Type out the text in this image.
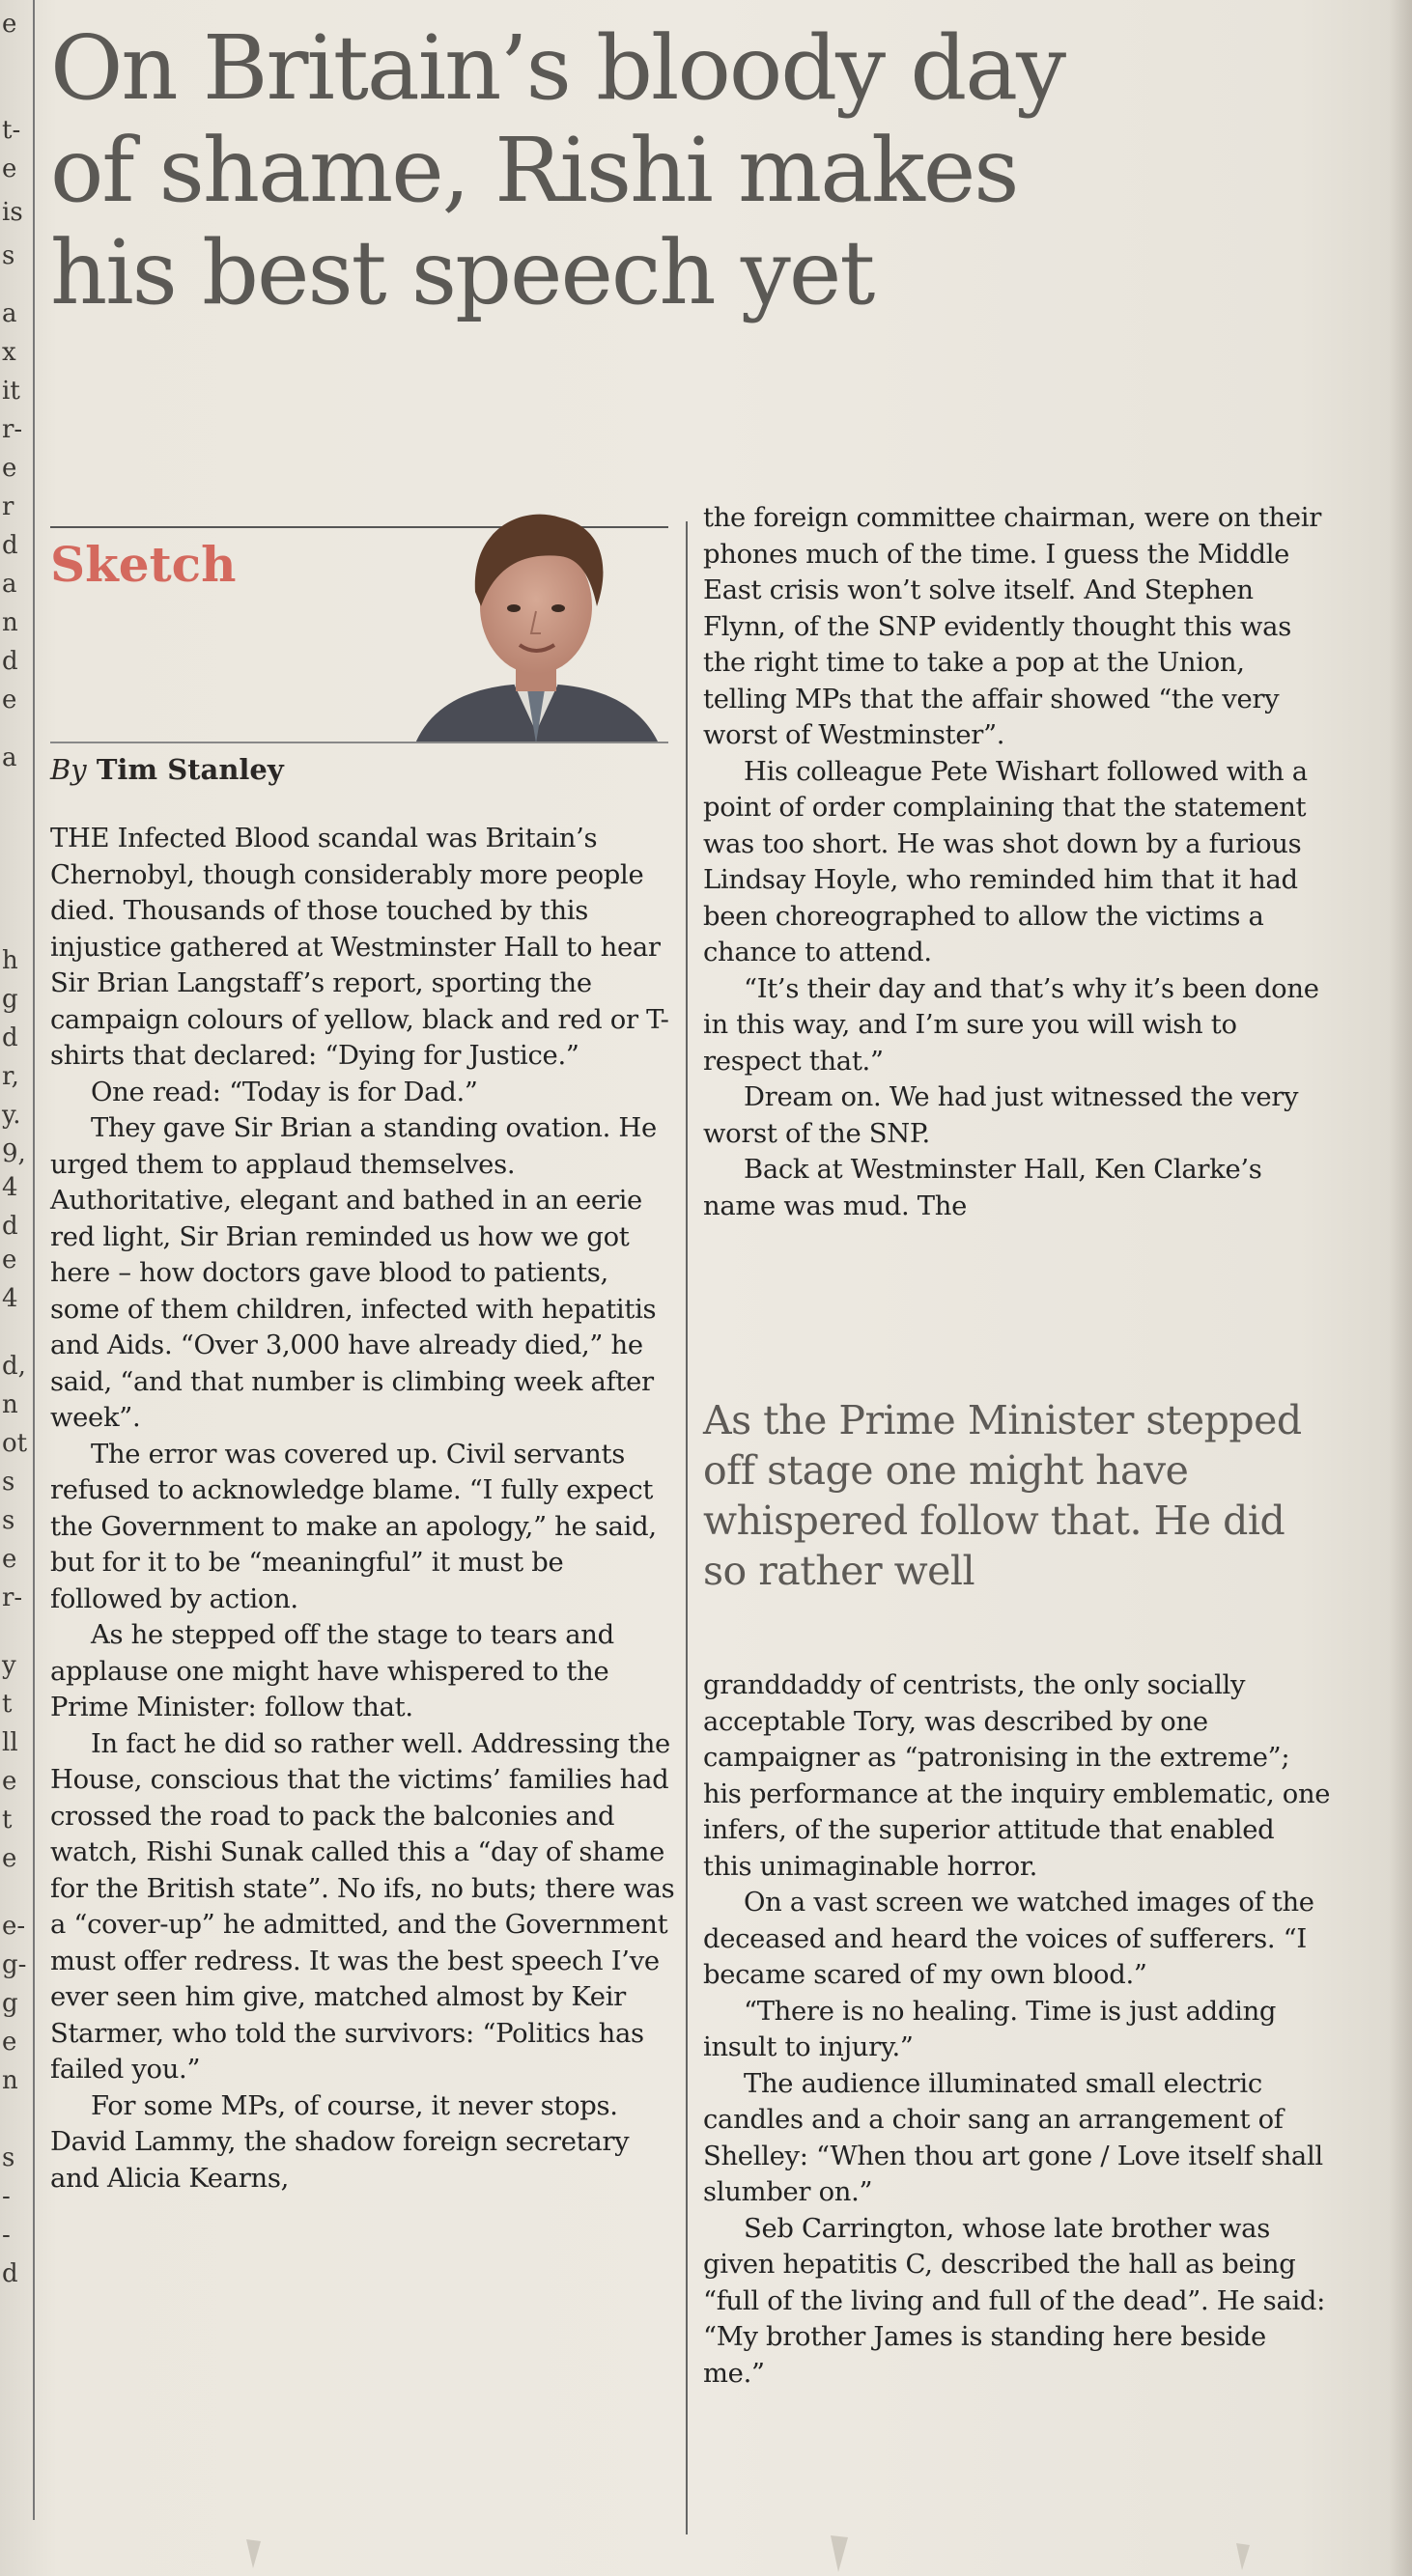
e
t-
e
is
s
a
x
it
r-
e
r
d
a
n
d
e
a
h
g
d
r,
y.
9,
4
d
e
4
d,
n
ot
s
s
e
r-
y
t
ll
e
t
e
e-
g-
g
e
n
s
-
-
d
On Britain’s bloody day
of shame, Rishi makes
his best speech yet
Sketch
By Tim Stanley

THE Infected Blood scandal was Britain’s Chernobyl, though considerably more people died. Thousands of those touched by this injustice gathered at Westminster Hall to hear Sir Brian Langstaff’s report, sporting the campaign colours of yellow, black and red or T-shirts that declared: “Dying for Justice.”

One read: “Today is for Dad.”

They gave Sir Brian a standing ovation. He urged them to applaud themselves. Authoritative, elegant and bathed in an eerie red light, Sir Brian reminded us how we got here – how doctors gave blood to patients, some of them children, infected with hepatitis and Aids. “Over 3,000 have already died,” he said, “and that number is climbing week after week”.

The error was covered up. Civil servants refused to acknowledge blame. “I fully expect the Government to make an apology,” he said, but for it to be “meaningful” it must be followed by action.

As he stepped off the stage to tears and applause one might have whispered to the Prime Minister: follow that.

In fact he did so rather well. Addressing the House, conscious that the victims’ families had crossed the road to pack the balconies and watch, Rishi Sunak called this a “day of shame for the British state”. No ifs, no buts; there was a “cover-up” he admitted, and the Government must offer redress. It was the best speech I’ve ever seen him give, matched almost by Keir Starmer, who told the survivors: “Politics has failed you.”

For some MPs, of course, it never stops. David Lammy, the shadow foreign secretary and Alicia Kearns,

the foreign committee chairman, were on their phones much of the time. I guess the Middle East crisis won’t solve itself. And Stephen Flynn, of the SNP evidently thought this was the right time to take a pop at the Union, telling MPs that the affair showed “the very worst of Westminster”.

His colleague Pete Wishart followed with a point of order complaining that the statement was too short. He was shot down by a furious Lindsay Hoyle, who reminded him that it had been choreographed to allow the victims a chance to attend.

“It’s their day and that’s why it’s been done in this way, and I’m sure you will wish to respect that.”

Dream on. We had just witnessed the very worst of the SNP.

Back at Westminster Hall, Ken Clarke’s name was mud. The

As the Prime Minister stepped off stage one might have whispered follow that. He did so rather well

granddaddy of centrists, the only socially acceptable Tory, was described by one campaigner as “patronising in the extreme”; his performance at the inquiry emblematic, one infers, of the superior attitude that enabled this unimaginable horror.

On a vast screen we watched images of the deceased and heard the voices of sufferers. “I became scared of my own blood.”

“There is no healing. Time is just adding insult to injury.”

The audience illuminated small electric candles and a choir sang an arrangement of Shelley: “When thou art gone / Love itself shall slumber on.”

Seb Carrington, whose late brother was given hepatitis C, described the hall as being “full of the living and full of the dead”. He said: “My brother James is standing here beside me.”
